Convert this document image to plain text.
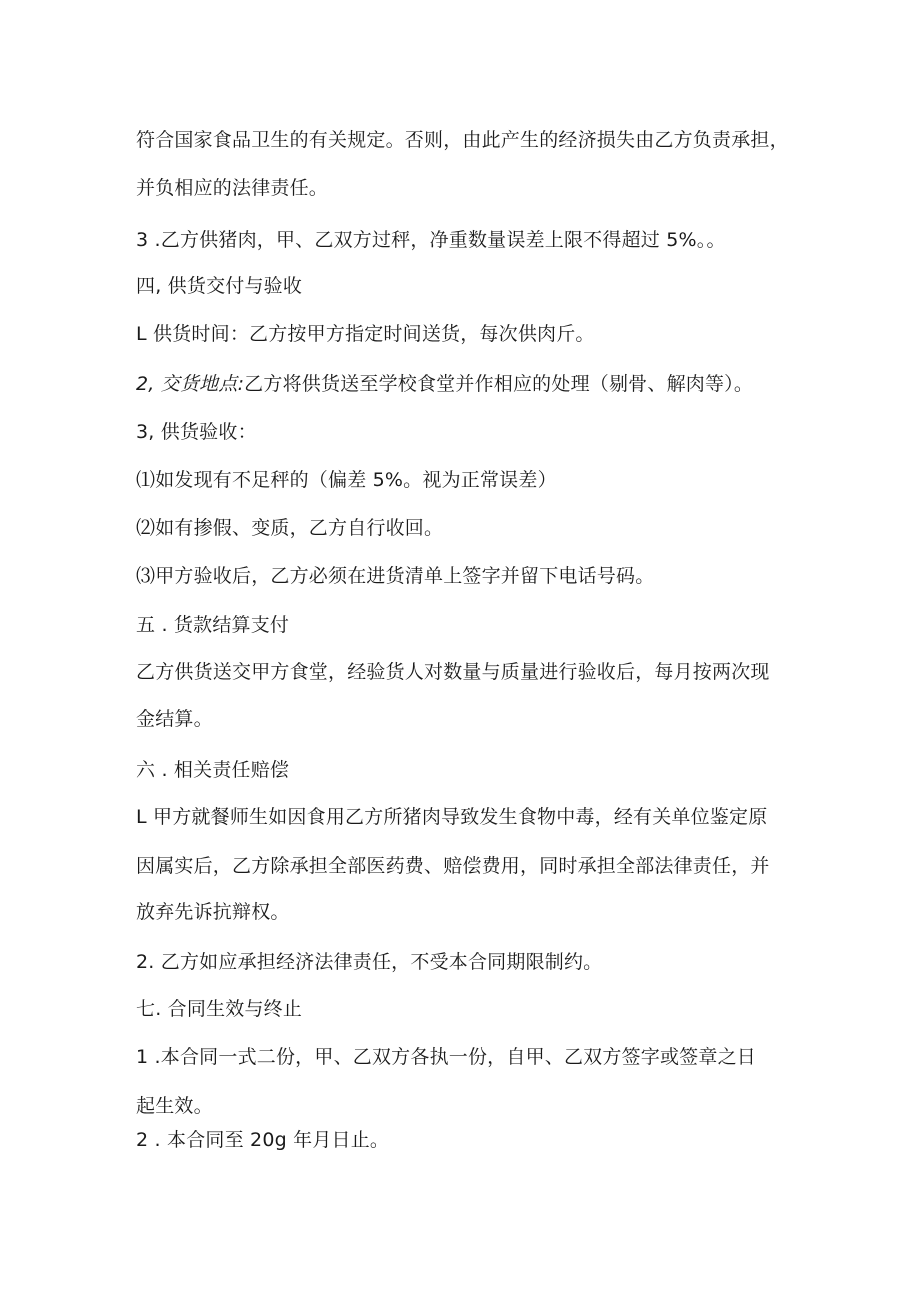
符合国家食品卫生的有关规定。否则，由此产生的经济损失由乙方负责承担，
并负相应的法律责任。
3 .乙方供猪肉，甲、乙双方过秤，净重数量误差上限不得超过 5%。。
四, 供货交付与验收
L 供货时间：乙方按甲方指定时间送货，每次供肉斤。
2, 交货地点:乙方将供货送至学校食堂并作相应的处理（剔骨、解肉等）。
3, 供货验收：
⑴如发现有不足秤的（偏差 5%。视为正常误差）
⑵如有掺假、变质，乙方自行收回。
⑶甲方验收后，乙方必须在进货清单上签字并留下电话号码。
五 . 货款结算支付
乙方供货送交甲方食堂，经验货人对数量与质量进行验收后，每月按两次现
金结算。
六 . 相关责任赔偿
L 甲方就餐师生如因食用乙方所猪肉导致发生食物中毒，经有关单位鉴定原
因属实后，乙方除承担全部医药费、赔偿费用，同时承担全部法律责任，并
放弃先诉抗辩权。
2. 乙方如应承担经济法律责任，不受本合同期限制约。
七. 合同生效与终止
1 .本合同一式二份，甲、乙双方各执一份，自甲、乙双方签字或签章之日
起生效。
2 . 本合同至 20g 年月日止。
